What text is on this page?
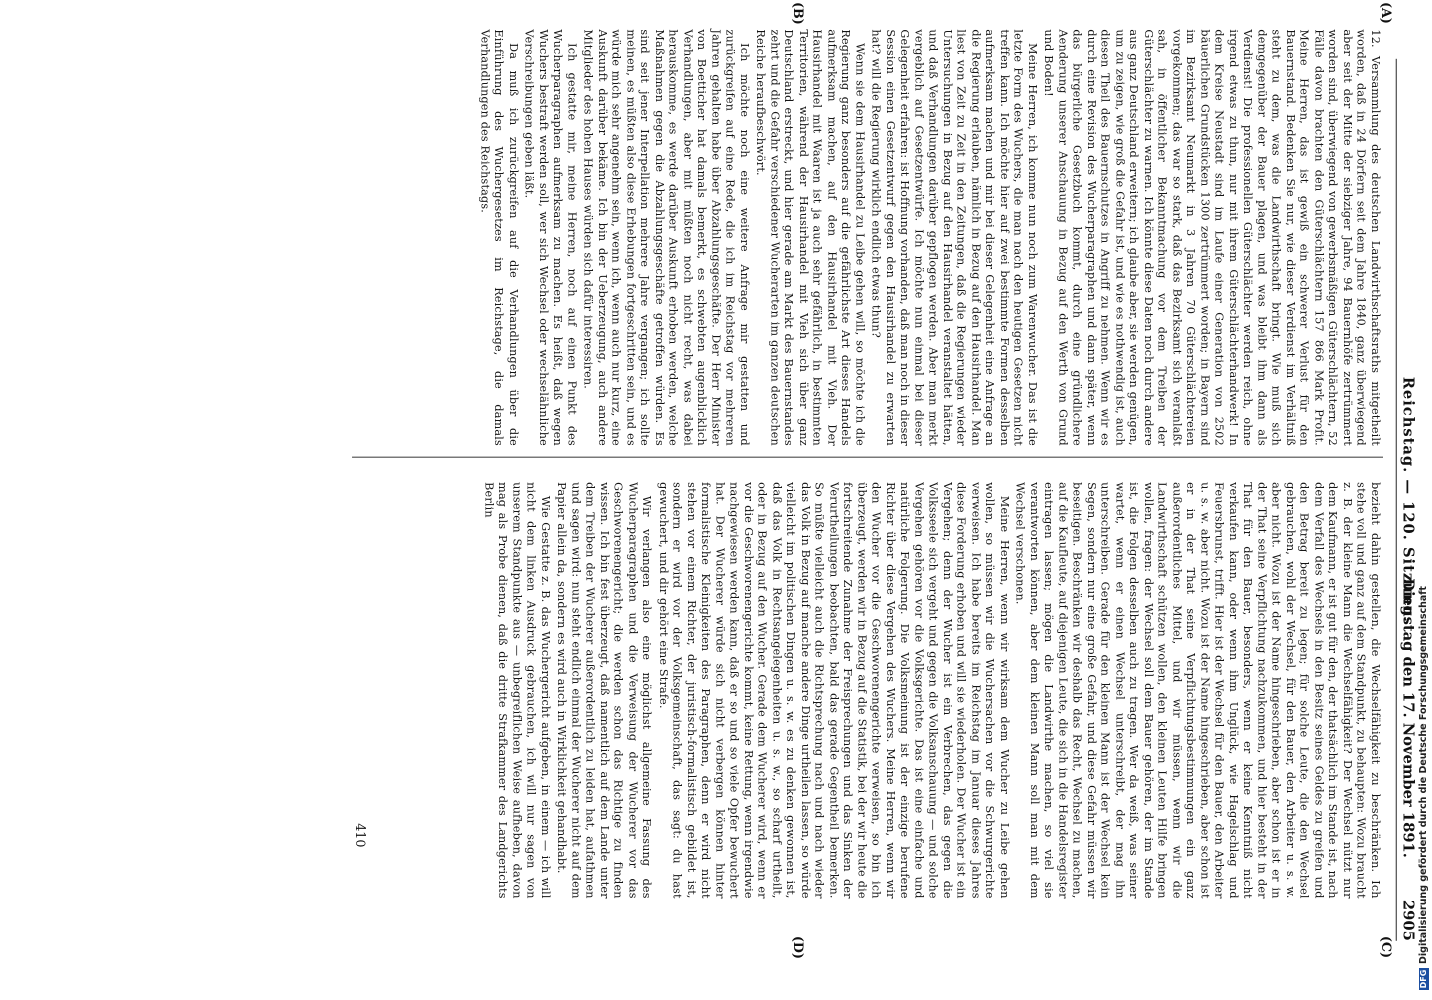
Dienstag den 17. November 1891.
Reichstag. — 120. Sitzung.
2905
(A)
(B)
(C)
(D)

12. Versammlung des deutschen Landwirthschaftsraths mitgetheilt worden, daß in 24 Dörfern seit dem Jahre 1840, ganz überwiegend aber seit der Mitte der siebziger Jahre, 94 Bauernhöfe zertrümmert worden sind, überwiegend von gewerbsmäßigen Güterschlächtern, 52 Fälle davon brachten den Güterschlächtern 157 866 Mark Profit. Meine Herren, das ist gewiß ein schwerer Verlust für den Bauernstand. Bedenken Sie nur, wie dieser Verdienst im Verhältniß steht zu dem, was die Landwirthschaft bringt. Wie muß sich demgegenüber der Bauer plagen, und was bleibt ihm dann als Verdienst! Die professionellen Güterschlächter werden reich, ohne irgend etwas zu thun, nur mit ihrem Güterschlächterhandwerk! In dem Kreise Neustadt sind im Laufe einer Generation von 2502 bäuerlichen Grundstücken 1300 zertrümmert worden; in Bayern sind im Bezirksamt Neumarkt in 3 Jahren 70 Güterschlächtereien vorgekommen; das war so stark, daß das Bezirksamt sich veranlaßt sah, in öffentlicher Bekanntmachung vor dem Treiben der Güterschlächter zu warnen. Ich könnte diese Daten noch durch andere aus ganz Deutschland erweitern; ich glaube aber, sie werden genügen, um zu zeigen, wie groß die Gefahr ist, und wie es nothwendig ist, auch diesen Theil des Bauernschutzes in Angriff zu nehmen. Wenn wir es durch eine Revision des Wucherparagraphen und dann später, wenn das bürgerliche Gesetzbuch kommt, durch eine gründlichere Aenderung unserer Anschauung in Bezug auf den Werth von Grund und Boden!

Meine Herren, ich komme nun noch zum Warenwucher. Das ist die letzte Form des Wuchers, die man nach den heutigen Gesetzen nicht treffen kann. Ich möchte hier auf zwei bestimmte Formen desselben aufmerksam machen und mir bei dieser Gelegenheit eine Anfrage an die Regierung erlauben, nämlich in Bezug auf den Hausirhandel. Man liest von Zeit zu Zeit in den Zeitungen, daß die Regierungen wieder Untersuchungen in Bezug auf den Hausirhandel veranstaltet hätten, und daß Verhandlungen darüber gepflogen werden. Aber man merkt vergeblich auf Gesetzentwürfe. Ich möchte nun einmal bei dieser Gelegenheit erfahren: ist Hoffnung vorhanden, daß man noch in dieser Session einen Gesetzentwurf gegen den Hausirhandel zu erwarten hat? will die Regierung wirklich endlich etwas thun?

Wenn sie dem Hausirhandel zu Leibe gehen will, so möchte ich die Regierung ganz besonders auf die gefährlichste Art dieses Handels aufmerksam machen, auf den Hausirhandel mit Vieh. Der Hausirhandel mit Waaren ist ja auch sehr gefährlich, in bestimmten Territorien, während der Hausirhandel mit Vieh sich über ganz Deutschland erstreckt, und hier gerade am Markt des Bauernstandes zehrt und die Gefahr verschiedener Wucherarten im ganzen deutschen Reiche heraufbeschwört.

Ich möchte noch eine weitere Anfrage mir gestatten und zurückgreifen auf eine Rede, die ich im Reichstag vor mehreren Jahren gehalten habe über Abzahlungsgeschäfte. Der Herr Minister von Boetticher hat damals bemerkt, es schwebten augenblicklich Verhandlungen, aber mit müßten noch nicht recht, was dabei herauskomme, es werde darüber Auskunft erhoben werden, welche Maßnahmen gegen die Abzahlungsgeschäfte getroffen würden. Es sind seit jener Interpellation mehrere Jahre vergangen; ich sollte meinen, es müßten also diese Erhebungen fortgeschritten sein, und es würde mich sehr angenehm sein, wenn ich, wenn auch nur kurz, eine Auskunft darüber bekäme. Ich bin der Ueberzeugung, auch andere Mitglieder des hohen Hauses würden sich dafür interessiren.

Ich gestatte mir, meine Herren, noch auf einen Punkt des Wucherparagraphen aufmerksam zu machen. Es heißt, daß wegen Wuchers bestraft werden soll, wer sich Wechsel oder wechselähnliche Verschreibungen geben läßt.

Da muß ich zurückgreifen auf die Verhandlungen über die Einführung des Wuchergesetzes im Reichstage, die damals Verhandlungen des Reichstags.

bezieht dahin gestellen, die Wechselfähigkeit zu beschränken. Ich stehe voll und ganz auf dem Standpunkt, zu behaupten: Wozu braucht z. B. der kleine Mann die Wechselfähigkeit? Der Wechsel nützt nur dem Kaufmann, er ist gut für den, der thatsächlich im Stande ist, nach dem Verfall des Wechsels in den Besitz seines Geldes zu greifen und den Betrag bereit zu legen; für solche Leute, die den Wechsel gebrauchen, wohl der Wechsel, für den Bauer, den Arbeiter u. s. w. aber nicht. Wozu ist der Name hingeschrieben, aber schon ist er in der That seine Verpflichtung nachzukommen, und hier besteht in der That für den Bauer, besonders, wenn er keine Kenntniß nicht verkaufen kann, oder wenn ihm Unglück, wie Hagelschlag und Feuersbrunst, trifft. Hier ist der Wechsel für den Bauer, den Arbeiter u. s. w. aber nicht. Wozu ist der Name hingeschrieben, aber schon ist er in der That seine Verpflichtungsbestimmungen ein ganz außerordentliches Mittel, und wir müssen, wenn wir die Landwirthschaft schützen wollen, den kleinen Leuten Hilfe bringen wollen, fragen: der Wechsel soll dem Bauer gehören, der im Stande ist, die Folgen desselben auch zu tragen. Wer da weiß, was seiner wartet, wenn er einen Wechsel unterschreibt, der mag ihn unterschreiben. Gerade für den kleinen Mann ist der Wechsel kein Segen, sondern nur eine große Gefahr, und diese Gefahr müssen wir beseitigen. Beschränken wir deshalb das Recht, Wechsel zu machen, auf die Kaufleute, auf diejenigen Leute, die sich in die Handelsregister eintragen lassen; mögen die Landwirthe machen, so viel sie verantworten können, aber dem kleinen Mann soll man mit dem Wechsel verschonen.

Meine Herren, wenn wir wirksam dem Wucher zu Leibe gehen wollen, so müssen wir die Wuchersachen vor die Schwurgerichte verweisen. Ich habe bereits im Reichstag im Januar dieses Jahres diese Forderung erhoben und will sie wiederholen. Der Wucher ist ein Vergehen; denn der Wucher ist ein Verbrechen, das gegen die Volksseele sich vergeht und gegen die Volksanschauung — und solche Vergehen gehören vor die Volksgerichte. Das ist eine einfache und natürliche Folgerung. Die Volksmeinung ist der einzige berufene Richter über diese Vergehen des Wuchers. Meine Herren, wenn wir den Wucher vor die Geschworenengerichte verweisen, so bin ich überzeugt, werden wir in Bezug auf die Statistik, bei der wir heute die fortschreitende Zunahme der Freisprechungen und das Sinken der Verurtheilungen beobachten, bald das gerade Gegentheil bemerken. So müßte vielleicht auch die Richtsprechung nach und nach wieder das Volk in Bezug auf manche andere Dinge urtheilen lassen, so würde vielleicht im politischen Dingen u. s. w. es zu denken gewonnen ist, daß das Volk in Rechtsangelegenheiten u. s. w., so scharf urtheilt, oder in Bezug auf den Wucher. Gerade dem Wucherer wird, wenn er vor die Geschworenengerichte kommt, keine Rettung, wenn irgendwie nachgewiesen werden kann, daß er so und so viele Opfer bewuchert hat. Der Wucherer würde sich nicht verbergen können hinter formalistische Kleinigkeiten des Paragraphen, denn er wird nicht stehen vor einem Richter, der juristisch-formalistisch gebildet ist, sondern er wird vor der Volksgemeinschaft, das sagt: du hast gewuchert, und dir gehört eine Strafe.

Wir verlangen also eine möglichst allgemeine Fassung des Wucherparagraphen und die Verweisung der Wucherer vor das Geschworenengericht; die werden schon das Richtige zu finden wissen. Ich bin fest überzeugt, daß namentlich auf dem Lande unter dem Treiben der Wucherer außerordentlich zu leiden hat, aufathmen und sagen wird: nun steht endlich einmal der Wucherer nicht auf dem Papier allein da, sondern es wird auch in Wirklichkeit gehandhabt.

Wie Gestatte z. B. das Wuchergericht aufgeben, in einem — ich will nicht dem linken Ausdruck gebrauchen, ich will nur sagen von unserem Standpunkte aus — unbegreiflichen Weise aufheben, davon mag als Probe dienen, daß die dritte Strafkammer des Landgerichts Berlin

410
DFG
Digitalisierung gefördert durch die Deutsche Forschungsgemeinschaft
